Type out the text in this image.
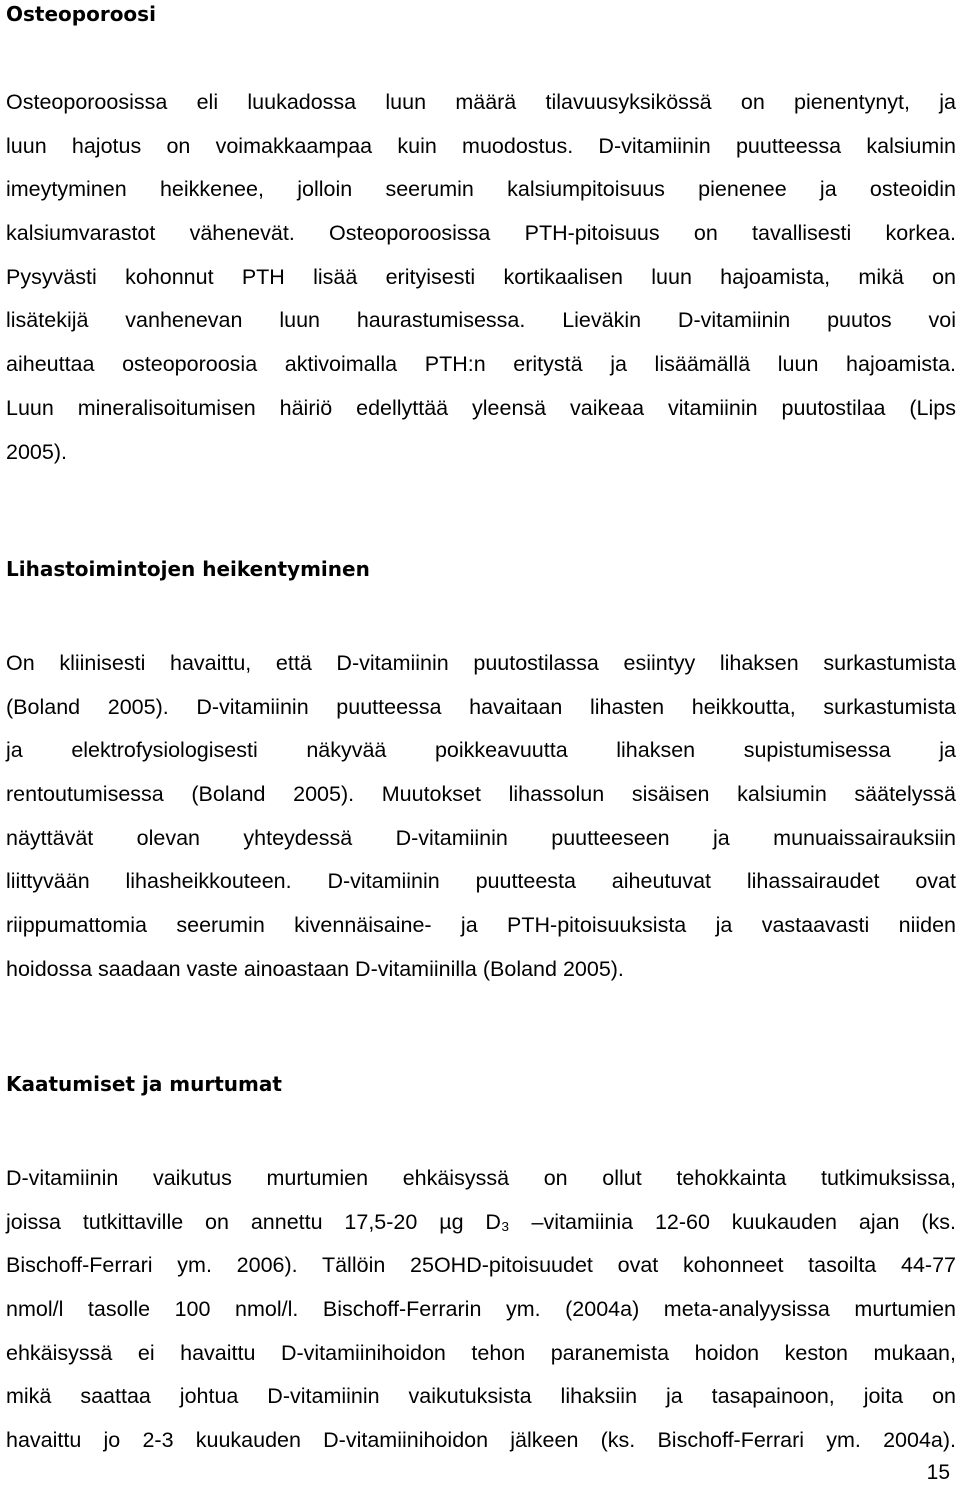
Osteoporoosi
Osteoporoosissa eli luukadossa luun määrä tilavuusyksikössä on pienentynyt, ja
luun hajotus on voimakkaampaa kuin muodostus. D-vitamiinin puutteessa kalsiumin
imeytyminen heikkenee, jolloin seerumin kalsiumpitoisuus pienenee ja osteoidin
kalsiumvarastot vähenevät. Osteoporoosissa PTH-pitoisuus on tavallisesti korkea.
Pysyvästi kohonnut PTH lisää erityisesti kortikaalisen luun hajoamista, mikä on
lisätekijä vanhenevan luun haurastumisessa. Lieväkin D-vitamiinin puutos voi
aiheuttaa osteoporoosia aktivoimalla PTH:n eritystä ja lisäämällä luun hajoamista.
Luun mineralisoitumisen häiriö edellyttää yleensä vaikeaa vitamiinin puutostilaa (Lips
2005).
Lihastoimintojen heikentyminen
On kliinisesti havaittu, että D-vitamiinin puutostilassa esiintyy lihaksen surkastumista
(Boland 2005). D-vitamiinin puutteessa havaitaan lihasten heikkoutta, surkastumista
ja elektrofysiologisesti näkyvää poikkeavuutta lihaksen supistumisessa ja
rentoutumisessa (Boland 2005). Muutokset lihassolun sisäisen kalsiumin säätelyssä
näyttävät olevan yhteydessä D-vitamiinin puutteeseen ja munuaissairauksiin
liittyvään lihasheikkouteen. D-vitamiinin puutteesta aiheutuvat lihassairaudet ovat
riippumattomia seerumin kivennäisaine- ja PTH-pitoisuuksista ja vastaavasti niiden
hoidossa saadaan vaste ainoastaan D-vitamiinilla (Boland 2005).
Kaatumiset ja murtumat
D-vitamiinin vaikutus murtumien ehkäisyssä on ollut tehokkainta tutkimuksissa,
joissa tutkittaville on annettu 17,5-20 µg D₃ –vitamiinia 12-60 kuukauden ajan (ks.
Bischoff-Ferrari ym. 2006). Tällöin 25OHD-pitoisuudet ovat kohonneet tasoilta 44-77
nmol/l tasolle 100 nmol/l. Bischoff-Ferrarin ym. (2004a) meta-analyysissa murtumien
ehkäisyssä ei havaittu D-vitamiinihoidon tehon paranemista hoidon keston mukaan,
mikä saattaa johtua D-vitamiinin vaikutuksista lihaksiin ja tasapainoon, joita on
havaittu jo 2-3 kuukauden D-vitamiinihoidon jälkeen (ks. Bischoff-Ferrari ym. 2004a).
15
